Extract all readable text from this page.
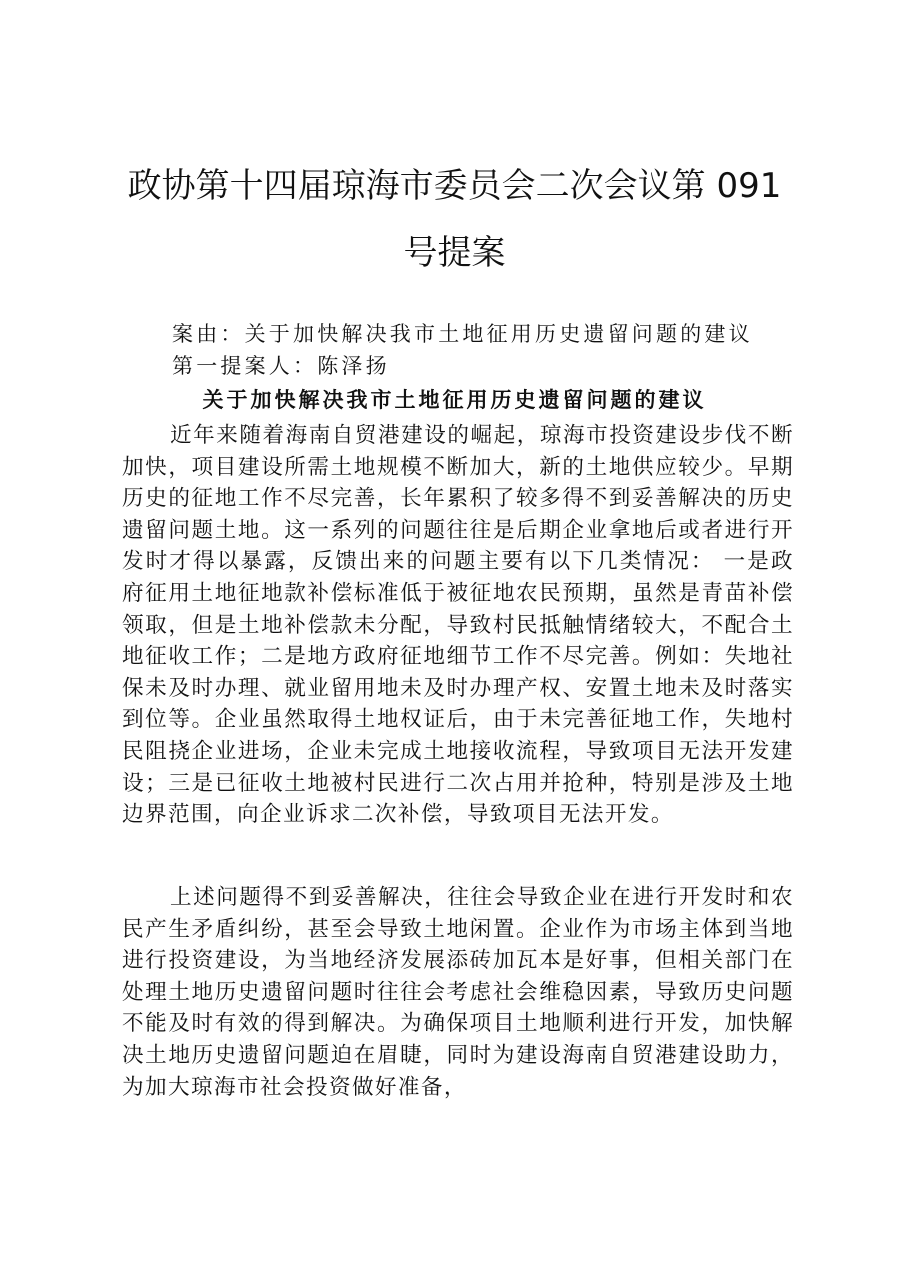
政协第十四届琼海市委员会二次会议第 091
号提案
案由：关于加快解决我市土地征用历史遗留问题的建议
第一提案人：陈泽扬
关于加快解决我市土地征用历史遗留问题的建议

近年来随着海南自贸港建设的崛起，琼海市投资建设步伐不断加快，项目建设所需土地规模不断加大，新的土地供应较少。早期历史的征地工作不尽完善，长年累积了较多得不到妥善解决的历史遗留问题土地。这一系列的问题往往是后期企业拿地后或者进行开发时才得以暴露，反馈出来的问题主要有以下几类情况： 一是政府征用土地征地款补偿标准低于被征地农民预期，虽然是青苗补偿领取，但是土地补偿款未分配，导致村民抵触情绪较大，不配合土地征收工作；二是地方政府征地细节工作不尽完善。例如：失地社保未及时办理、就业留用地未及时办理产权、安置土地未及时落实到位等。企业虽然取得土地权证后，由于未完善征地工作，失地村民阻挠企业进场，企业未完成土地接收流程，导致项目无法开发建设；三是已征收土地被村民进行二次占用并抢种，特别是涉及土地边界范围，向企业诉求二次补偿，导致项目无法开发。

上述问题得不到妥善解决，往往会导致企业在进行开发时和农民产生矛盾纠纷，甚至会导致土地闲置。企业作为市场主体到当地进行投资建设，为当地经济发展添砖加瓦本是好事，但相关部门在处理土地历史遗留问题时往往会考虑社会维稳因素，导致历史问题不能及时有效的得到解决。为确保项目土地顺利进行开发，加快解决土地历史遗留问题迫在眉睫，同时为建设海南自贸港建设助力，为加大琼海市社会投资做好准备，
